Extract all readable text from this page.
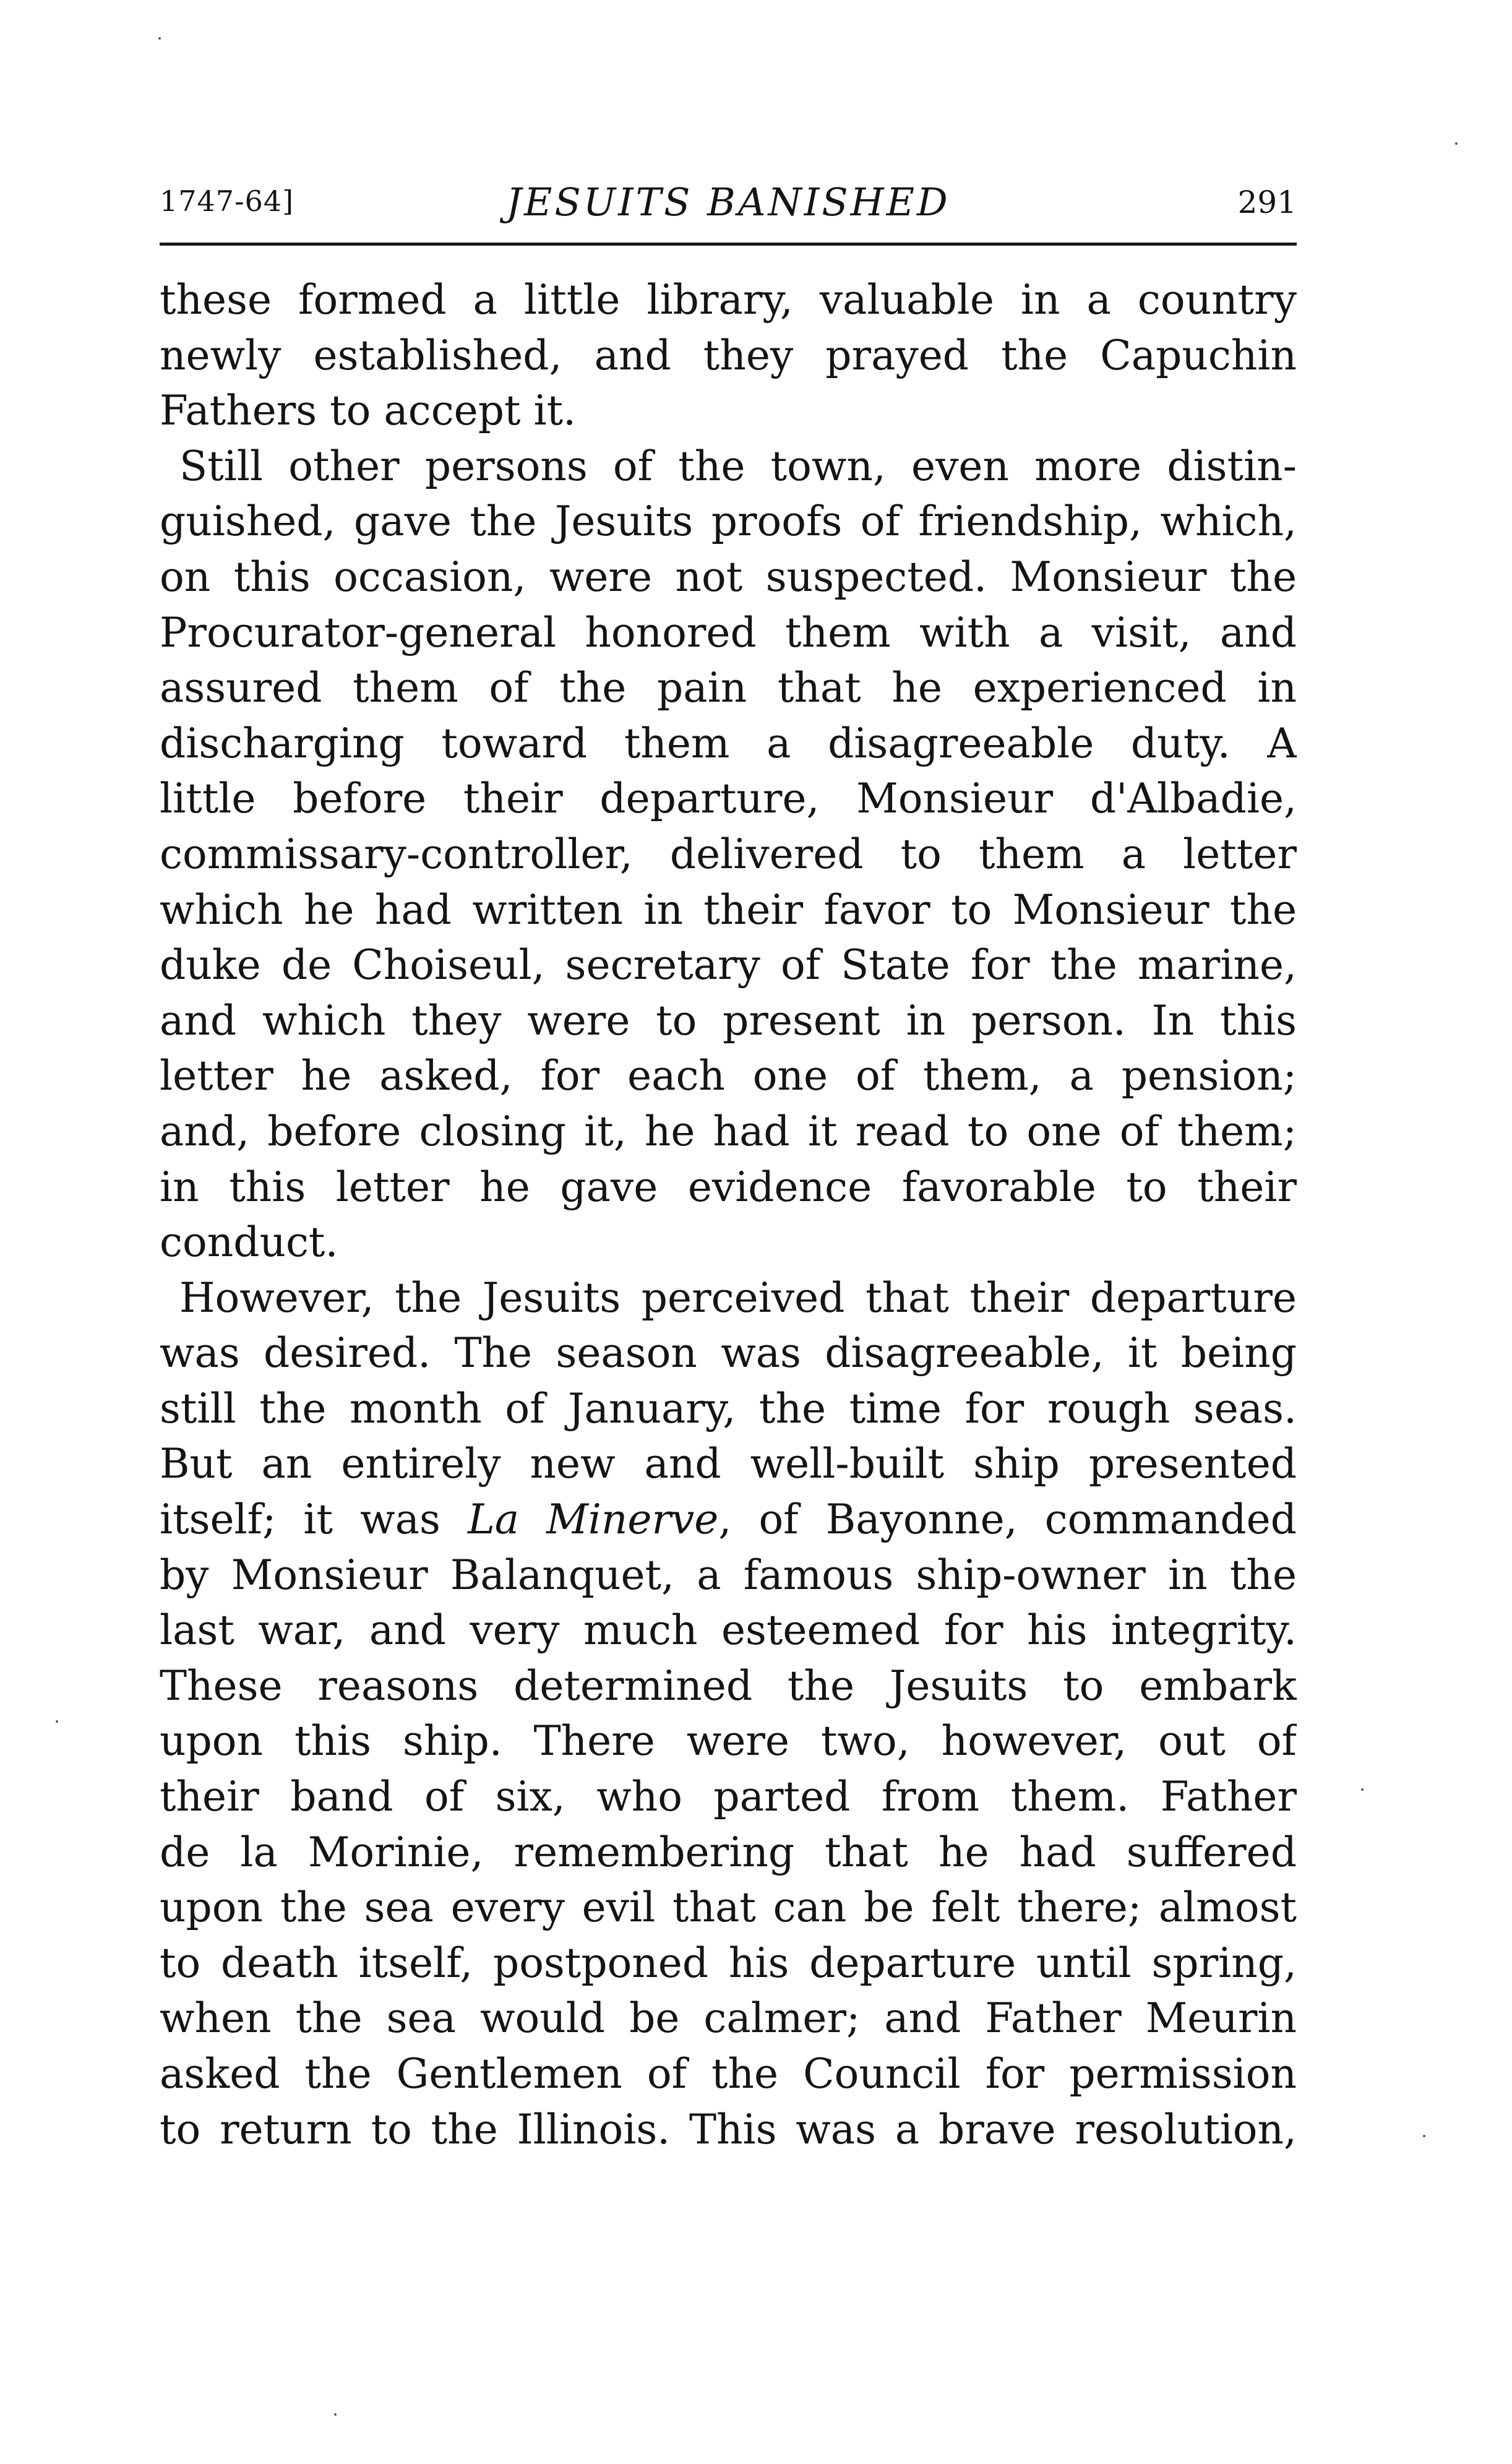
1747-64]	JESUITS BANISHED	291
these formed a little library, valuable in a country
newly established, and they prayed the Capuchin
Fathers to accept it.
Still other persons of the town, even more distin-
guished, gave the Jesuits proofs of friendship, which,
on this occasion, were not suspected. Monsieur the
Procurator-general honored them with a visit, and
assured them of the pain that he experienced in
discharging toward them a disagreeable duty. A
little before their departure, Monsieur d'Albadie,
commissary-controller, delivered to them a letter
which he had written in their favor to Monsieur the
duke de Choiseul, secretary of State for the marine,
and which they were to present in person. In this
letter he asked, for each one of them, a pension;
and, before closing it, he had it read to one of them;
in this letter he gave evidence favorable to their
conduct.
However, the Jesuits perceived that their departure
was desired. The season was disagreeable, it being
still the month of January, the time for rough seas.
But an entirely new and well-built ship presented
itself; it was La Minerve, of Bayonne, commanded
by Monsieur Balanquet, a famous ship-owner in the
last war, and very much esteemed for his integrity.
These reasons determined the Jesuits to embark
upon this ship. There were two, however, out of
their band of six, who parted from them. Father
de la Morinie, remembering that he had suffered
upon the sea every evil that can be felt there; almost
to death itself, postponed his departure until spring,
when the sea would be calmer; and Father Meurin
asked the Gentlemen of the Council for permission
to return to the Illinois. This was a brave resolution,
